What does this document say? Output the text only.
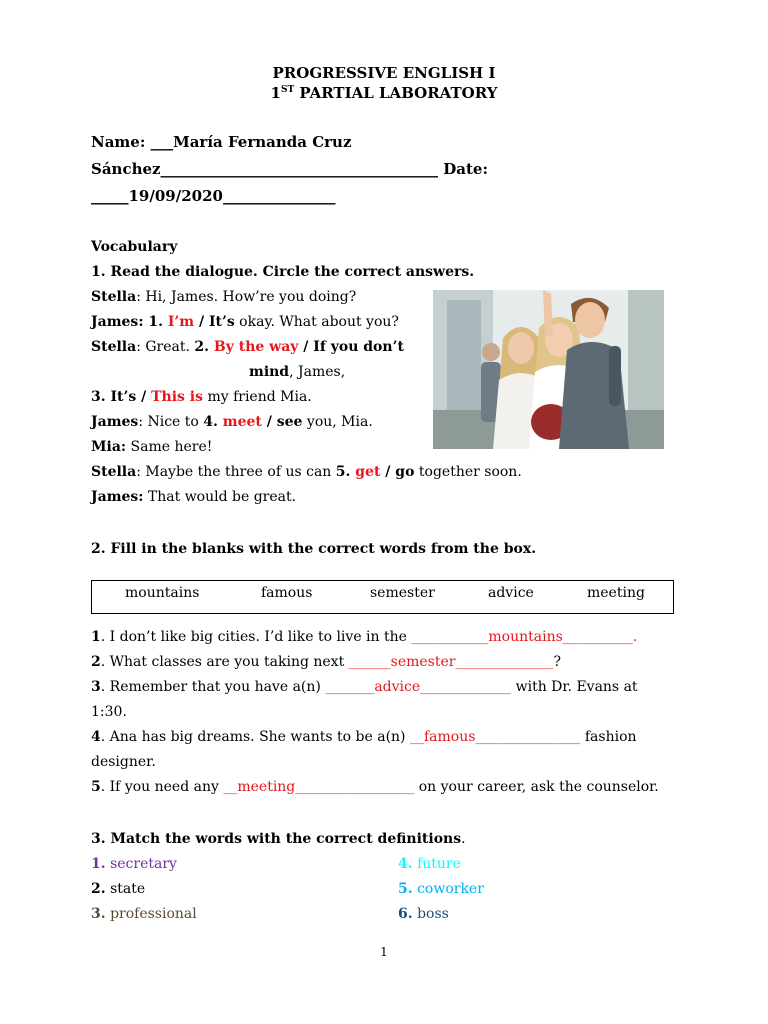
PROGRESSIVE ENGLISH I
1ST PARTIAL LABORATORY
Name: ___María Fernanda Cruz
Sánchez_____________________________________ Date:
_____19/09/2020_______________
Vocabulary
1. Read the dialogue. Circle the correct answers.
Stella: Hi, James. How’re you doing?
James: 1. I’m / It’s okay. What about you?
Stella: Great. 2. By the way / If you don’t
mind, James,
3. It’s / This is my friend Mia.
James: Nice to 4. meet / see you, Mia.
Mia: Same here!
Stella: Maybe the three of us can 5. get / go together soon.
James: That would be great.
2. Fill in the blanks with the correct words from the box.
mountains	famous	semester	advice	meeting
1. I don’t like big cities. I’d like to live in the ___________mountains__________.
2. What classes are you taking next ______semester______________?
3. Remember that you have a(n) _______advice_____________ with Dr. Evans at
1:30.
4. Ana has big dreams. She wants to be a(n) __famous_______________ fashion
designer.
5. If you need any __meeting_________________ on your career, ask the counselor.
3. Match the words with the correct definitions.
1. secretary
2. state
3. professional
4. future
5. coworker
6. boss
1
